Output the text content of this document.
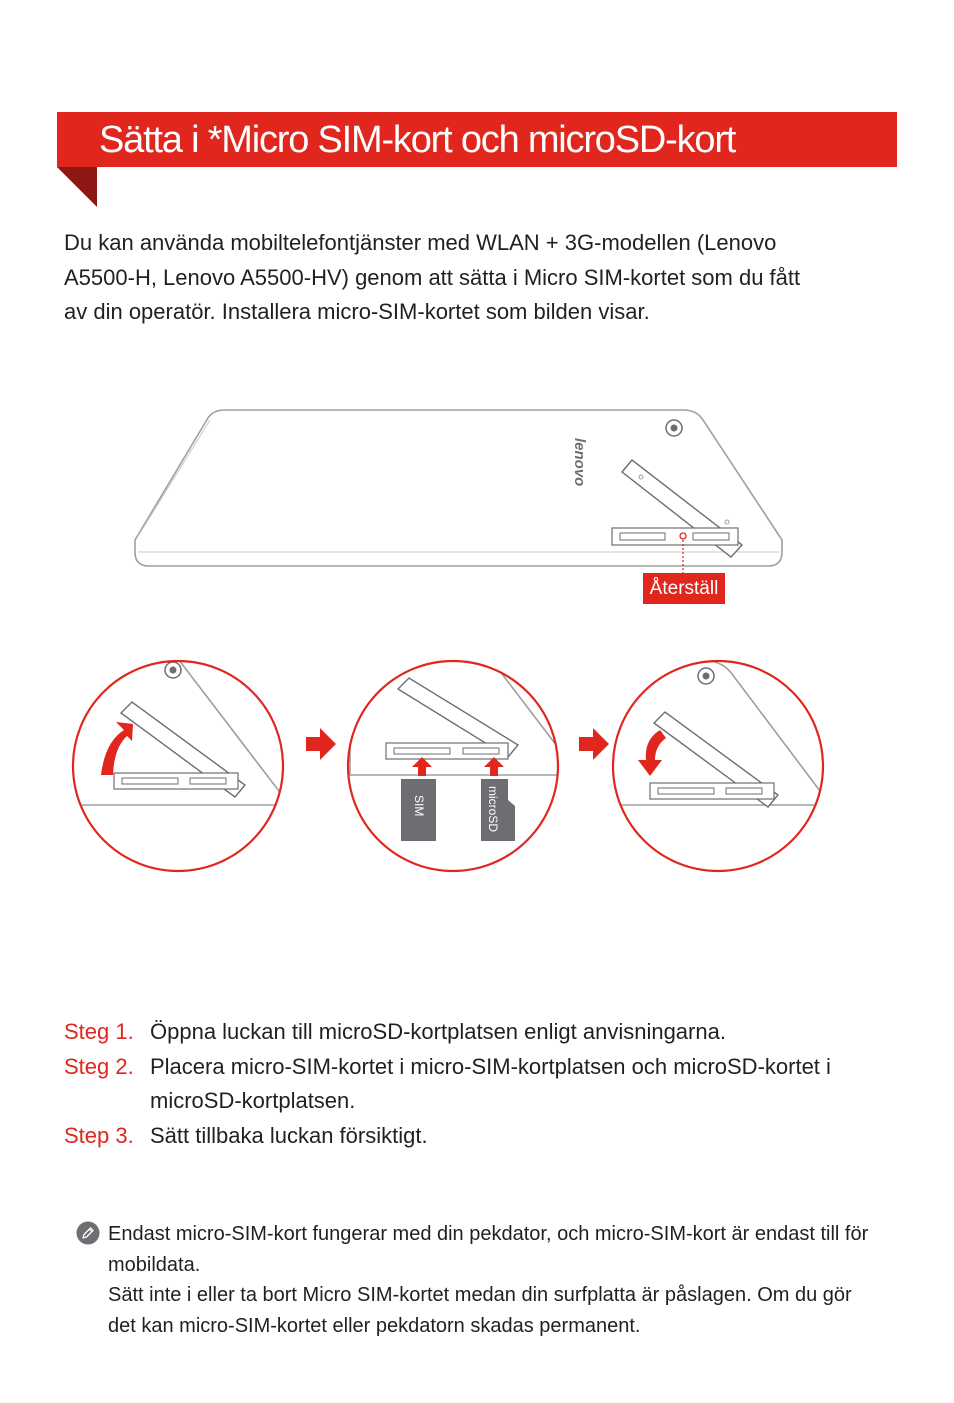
Sätta i *Micro SIM-kort och microSD-kort

Du kan använda mobiltelefontjänster med WLAN + 3G-modellen (Lenovo A5500-H, Lenovo A5500-HV) genom att sätta i Micro SIM-kortet som du fått av din operatör. Installera micro-SIM-kortet som bilden visar.

lenovo
SIM	microSD
Återställ
Steg 1. Öppna luckan till microSD-kortplatsen enligt anvisningarna.
Steg 2. Placera micro-SIM-kortet i micro-SIM-kortplatsen och microSD-kortet i microSD-kortplatsen.
Step 3. Sätt tillbaka luckan försiktigt.

Endast micro-SIM-kort fungerar med din pekdator, och micro-SIM-kort är endast till för mobildata.

Sätt inte i eller ta bort Micro SIM-kortet medan din surfplatta är påslagen. Om du gör det kan micro-SIM-kortet eller pekdatorn skadas permanent.
